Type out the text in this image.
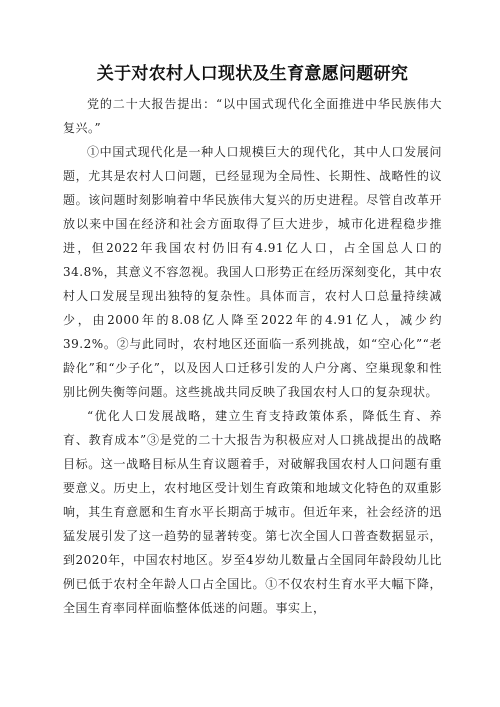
关于对农村人口现状及生育意愿问题研究

党的二十大报告提出：“以中国式现代化全面推进中华民族伟大复兴。”

①中国式现代化是一种人口规模巨大的现代化，其中人口发展问题，尤其是农村人口问题，已经显现为全局性、长期性、战略性的议题。该问题时刻影响着中华民族伟大复兴的历史进程。尽管自改革开放以来中国在经济和社会方面取得了巨大进步，城市化进程稳步推进，但2022年我国农村仍旧有4.91亿人口，占全国总人口的34.8%，其意义不容忽视。我国人口形势正在经历深刻变化，其中农村人口发展呈现出独特的复杂性。具体而言，农村人口总量持续减少，由2000年的8.08亿人降至2022年的4.91亿人，减少约39.2%。②与此同时，农村地区还面临一系列挑战，如“空心化”“老龄化”和“少子化”，以及因人口迁移引发的人户分离、空巢现象和性别比例失衡等问题。这些挑战共同反映了我国农村人口的复杂现状。

“优化人口发展战略，建立生育支持政策体系，降低生育、养育、教育成本”③是党的二十大报告为积极应对人口挑战提出的战略目标。这一战略目标从生育议题着手，对破解我国农村人口问题有重要意义。历史上，农村地区受计划生育政策和地域文化特色的双重影响，其生育意愿和生育水平长期高于城市。但近年来，社会经济的迅猛发展引发了这一趋势的显著转变。第七次全国人口普查数据显示，到2020年，中国农村地区。岁至4岁幼儿数量占全国同年龄段幼儿比例已低于农村全年龄人口占全国比。①不仅农村生育水平大幅下降，全国生育率同样面临整体低迷的问题。事实上，
